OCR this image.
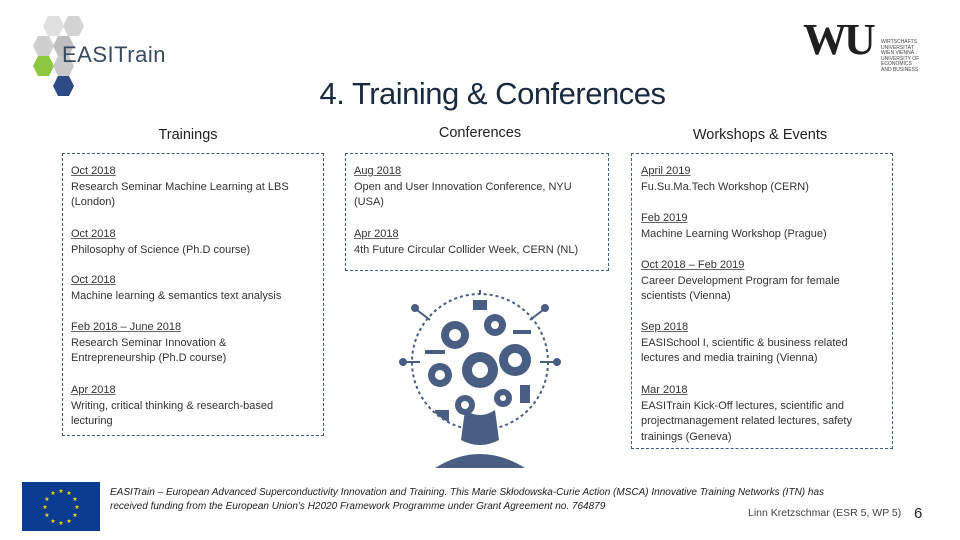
EASITrain	WU WIRTSCHAFTS
UNIVERSITÄT
WIEN VIENNA
UNIVERSITY OF
ECONOMICS
AND BUSINESS
4. Training & Conferences
Trainings	Conferences	Workshops & Events
Oct 2018
Research Seminar Machine Learning at LBS
(London)
Oct 2018
Philosophy of Science (Ph.D course)
Oct 2018
Machine learning & semantics text analysis
Feb 2018 – June 2018
Research Seminar Innovation &
Entrepreneurship (Ph.D course)
Apr 2018
Writing, critical thinking & research-based
lecturing
Aug 2018
Open and User Innovation Conference, NYU
(USA)
Apr 2018
4th Future Circular Collider Week, CERN (NL)
April 2019
Fu.Su.Ma.Tech Workshop (CERN)
Feb 2019
Machine Learning Workshop (Prague)
Oct 2018 – Feb 2019
Career Development Program for female
scientists (Vienna)
Sep 2018
EASISchool I, scientific & business related
lectures and media training (Vienna)
Mar 2018
EASITrain Kick-Off lectures, scientific and
projectmanagement related lectures, safety
trainings (Geneva)
★ ★
★
★
★
★
★
★
★
★
★
★	EASITrain – European Advanced Superconductivity Innovation and Training. This Marie Skłodowska-Curie Action (MSCA) Innovative Training Networks (ITN) has
received funding from the European Union’s H2020 Framework Programme under Grant Agreement no. 764879
Linn Kretzschmar (ESR 5, WP 5) 6
